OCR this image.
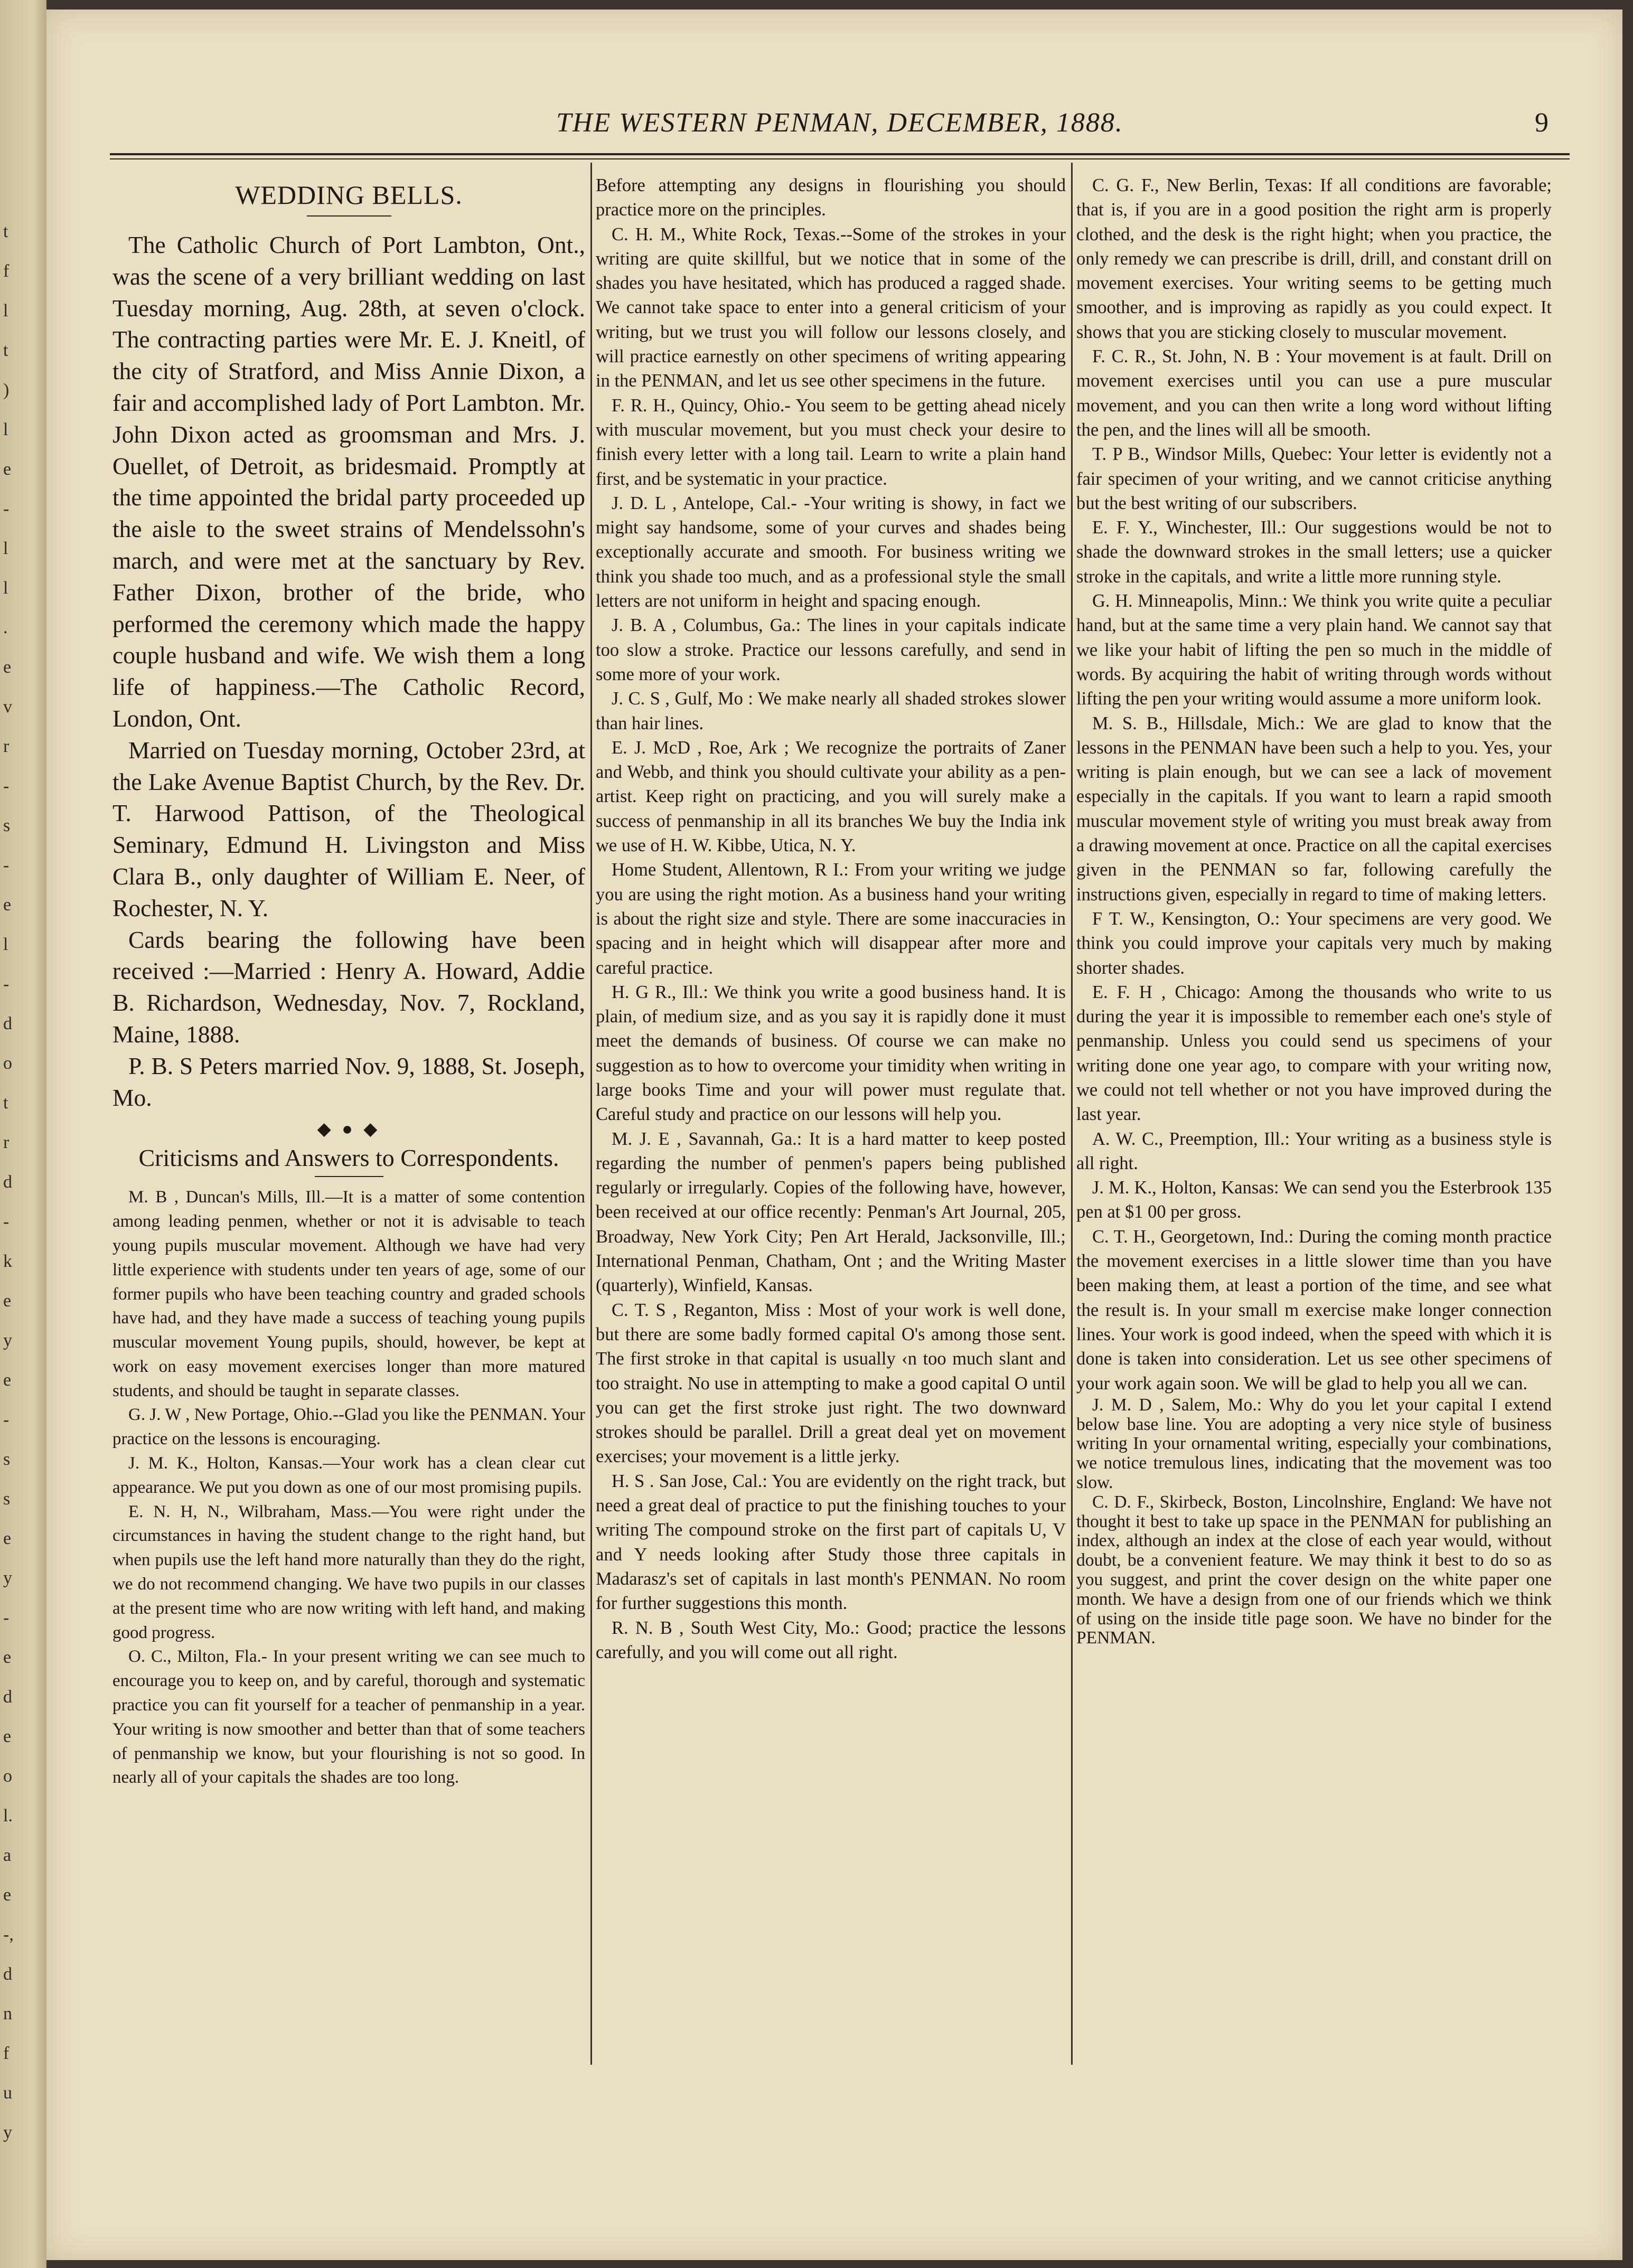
t
f
l
t
)
l
e
-
l
l
.
e
v
r
-
s
-
e
l
-
d
o
t
r
d
-
k
e
y
e
-
s
s
e
y
-
e
d
e
o
l.
a
e
-,
d
n
f
u
y
THE WESTERN PENMAN, DECEMBER, 1888.	9
WEDDING BELLS.

The Catholic Church of Port Lambton, Ont., was the scene of a very brilliant wedding on last Tuesday morning, Aug. 28th, at seven o'clock. The contracting parties were Mr. E. J. Kneitl, of the city of Stratford, and Miss Annie Dixon, a fair and accomplished lady of Port Lambton. Mr. John Dixon acted as groomsman and Mrs. J. Ouellet, of Detroit, as bridesmaid. Promptly at the time appointed the bridal party proceeded up the aisle to the sweet strains of Mendelssohn's march, and were met at the sanctuary by Rev. Father Dixon, brother of the bride, who performed the ceremony which made the happy couple husband and wife. We wish them a long life of happiness.—The Catholic Record, London, Ont.

Married on Tuesday morning, October 23rd, at the Lake Avenue Baptist Church, by the Rev. Dr. T. Harwood Pattison, of the Theological Seminary, Edmund H. Livingston and Miss Clara B., only daughter of William E. Neer, of Rochester, N. Y.

Cards bearing the following have been received :—Married : Henry A. Howard, Addie B. Richardson, Wednesday, Nov. 7, Rockland, Maine, 1888.

P. B. S Peters married Nov. 9, 1888, St. Joseph, Mo.

◆ ● ◆
Criticisms and Answers to Correspondents.

M. B , Duncan's Mills, Ill.—It is a matter of some contention among leading penmen, whether or not it is advisable to teach young pupils muscular movement. Although we have had very little experience with students under ten years of age, some of our former pupils who have been teaching country and graded schools have had, and they have made a success of teaching young pupils muscular movement Young pupils, should, however, be kept at work on easy movement exercises longer than more matured students, and should be taught in separate classes.

G. J. W , New Portage, Ohio.--Glad you like the PENMAN. Your practice on the lessons is encouraging.

J. M. K., Holton, Kansas.—Your work has a clean clear cut appearance. We put you down as one of our most promising pupils.

E. N. H, N., Wilbraham, Mass.—You were right under the circumstances in having the student change to the right hand, but when pupils use the left hand more naturally than they do the right, we do not recommend changing. We have two pupils in our classes at the present time who are now writing with left hand, and making good progress.

O. C., Milton, Fla.- In your present writing we can see much to encourage you to keep on, and by careful, thorough and systematic practice you can fit yourself for a teacher of penmanship in a year. Your writing is now smoother and better than that of some teachers of penmanship we know, but your flourishing is not so good. In nearly all of your capitals the shades are too long.

Before attempting any designs in flourishing you should practice more on the principles.

C. H. M., White Rock, Texas.--Some of the strokes in your writing are quite skillful, but we notice that in some of the shades you have hesitated, which has produced a ragged shade. We cannot take space to enter into a general criticism of your writing, but we trust you will follow our lessons closely, and will practice earnestly on other specimens of writing appearing in the PENMAN, and let us see other specimens in the future.

F. R. H., Quincy, Ohio.- You seem to be getting ahead nicely with muscular movement, but you must check your desire to finish every letter with a long tail. Learn to write a plain hand first, and be systematic in your practice.

J. D. L , Antelope, Cal.- -Your writing is showy, in fact we might say handsome, some of your curves and shades being exceptionally accurate and smooth. For business writing we think you shade too much, and as a professional style the small letters are not uniform in height and spacing enough.

J. B. A , Columbus, Ga.: The lines in your capitals indicate too slow a stroke. Practice our lessons carefully, and send in some more of your work.

J. C. S , Gulf, Mo : We make nearly all shaded strokes slower than hair lines.

E. J. McD , Roe, Ark ; We recognize the portraits of Zaner and Webb, and think you should cultivate your ability as a pen-artist. Keep right on practicing, and you will surely make a success of penmanship in all its branches We buy the India ink we use of H. W. Kibbe, Utica, N. Y.

Home Student, Allentown, R I.: From your writing we judge you are using the right motion. As a business hand your writing is about the right size and style. There are some inaccuracies in spacing and in height which will disappear after more and careful practice.

H. G R., Ill.: We think you write a good business hand. It is plain, of medium size, and as you say it is rapidly done it must meet the demands of business. Of course we can make no suggestion as to how to overcome your timidity when writing in large books Time and your will power must regulate that. Careful study and practice on our lessons will help you.

M. J. E , Savannah, Ga.: It is a hard matter to keep posted regarding the number of penmen's papers being published regularly or irregularly. Copies of the following have, however, been received at our office recently: Penman's Art Journal, 205, Broadway, New York City; Pen Art Herald, Jacksonville, Ill.; International Penman, Chatham, Ont ; and the Writing Master (quarterly), Winfield, Kansas.

C. T. S , Reganton, Miss : Most of your work is well done, but there are some badly formed capital O's among those sent. The first stroke in that capital is usually ‹n too much slant and too straight. No use in attempting to make a good capital O until you can get the first stroke just right. The two downward strokes should be parallel. Drill a great deal yet on movement exercises; your movement is a little jerky.

H. S . San Jose, Cal.: You are evidently on the right track, but need a great deal of practice to put the finishing touches to your writing The compound stroke on the first part of capitals U, V and Y needs looking after Study those three capitals in Madarasz's set of capitals in last month's PENMAN. No room for further suggestions this month.

R. N. B , South West City, Mo.: Good; practice the lessons carefully, and you will come out all right.

C. G. F., New Berlin, Texas: If all conditions are favorable; that is, if you are in a good position the right arm is properly clothed, and the desk is the right hight; when you practice, the only remedy we can prescribe is drill, drill, and constant drill on movement exercises. Your writing seems to be getting much smoother, and is improving as rapidly as you could expect. It shows that you are sticking closely to muscular movement.

F. C. R., St. John, N. B : Your movement is at fault. Drill on movement exercises until you can use a pure muscular movement, and you can then write a long word without lifting the pen, and the lines will all be smooth.

T. P B., Windsor Mills, Quebec: Your letter is evidently not a fair specimen of your writing, and we cannot criticise anything but the best writing of our subscribers.

E. F. Y., Winchester, Ill.: Our suggestions would be not to shade the downward strokes in the small letters; use a quicker stroke in the capitals, and write a little more running style.

G. H. Minneapolis, Minn.: We think you write quite a peculiar hand, but at the same time a very plain hand. We cannot say that we like your habit of lifting the pen so much in the middle of words. By acquiring the habit of writing through words without lifting the pen your writing would assume a more uniform look.

M. S. B., Hillsdale, Mich.: We are glad to know that the lessons in the PENMAN have been such a help to you. Yes, your writing is plain enough, but we can see a lack of movement especially in the capitals. If you want to learn a rapid smooth muscular movement style of writing you must break away from a drawing movement at once. Practice on all the capital exercises given in the PENMAN so far, following carefully the instructions given, especially in regard to time of making letters.

F T. W., Kensington, O.: Your specimens are very good. We think you could improve your capitals very much by making shorter shades.

E. F. H , Chicago: Among the thousands who write to us during the year it is impossible to remember each one's style of penmanship. Unless you could send us specimens of your writing done one year ago, to compare with your writing now, we could not tell whether or not you have improved during the last year.

A. W. C., Preemption, Ill.: Your writing as a business style is all right.

J. M. K., Holton, Kansas: We can send you the Esterbrook 135 pen at $1 00 per gross.

C. T. H., Georgetown, Ind.: During the coming month practice the movement exercises in a little slower time than you have been making them, at least a portion of the time, and see what the result is. In your small m exercise make longer connection lines. Your work is good indeed, when the speed with which it is done is taken into consideration. Let us see other specimens of your work again soon. We will be glad to help you all we can.

J. M. D , Salem, Mo.: Why do you let your capital I extend below base line. You are adopting a very nice style of business writing In your ornamental writing, especially your combinations, we notice tremulous lines, indicating that the movement was too slow.

C. D. F., Skirbeck, Boston, Lincolnshire, England: We have not thought it best to take up space in the PENMAN for publishing an index, although an index at the close of each year would, without doubt, be a convenient feature. We may think it best to do so as you suggest, and print the cover design on the white paper one month. We have a design from one of our friends which we think of using on the inside title page soon. We have no binder for the PENMAN.
